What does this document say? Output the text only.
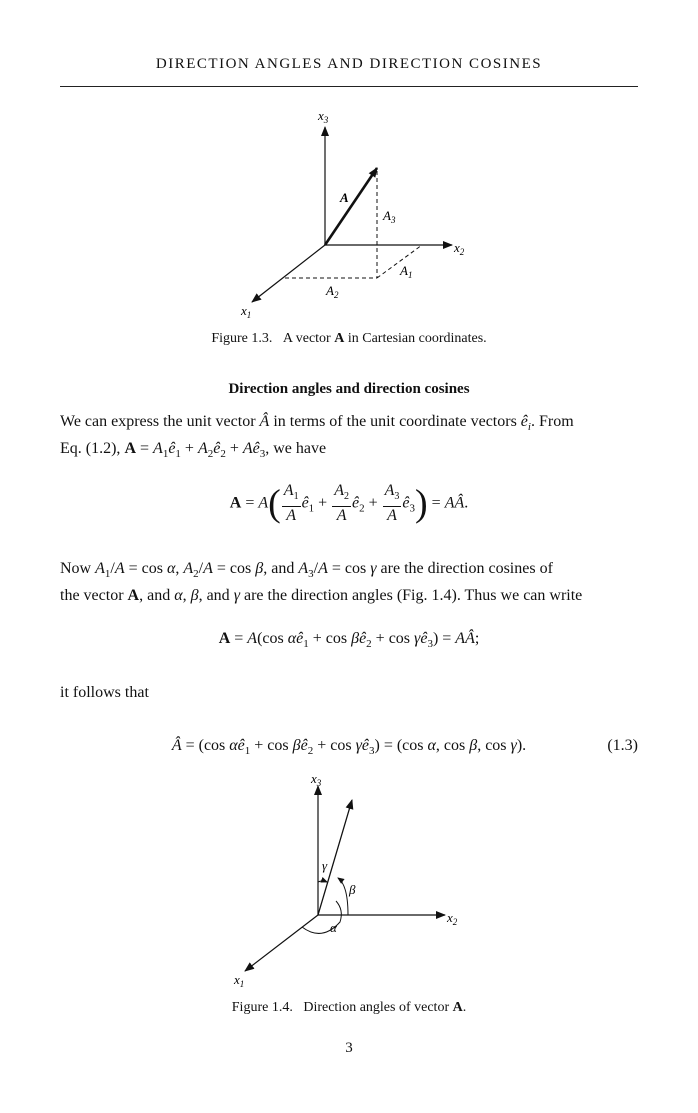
DIRECTION ANGLES AND DIRECTION COSINES
$x_3$
$x_2$
$x_1$
A
$A_3$
$A_1$
$A_2$
Figure 1.3. A vector A in Cartesian coordinates.
Direction angles and direction cosines
We can express the unit vector Â in terms of the unit coordinate vectors $ê_i$. From
Eq. (1.2), $A = A_1ê_1$ + $A_2ê_2$ + $Aê_3$, we have
$A = A( \frac{A_1}{A}$ $ê_1 + \frac{A_2}{A}$ $ê_2 + \frac{A_3}{A}$ $ê_3$) = AÂ.
Now $A_1/A = \cos \alpha$, $A_2/A = \cos \beta$, and $A_3/A = \cos \gamma$ are the direction cosines of
the vector A, and α, β, and γ are the direction angles (Fig. 1.4). Thus we can write
A = A(cos $\alpha ê_1 + \cos$ $\beta ê_2 + \cos$ $\gamma ê_3$) = AÂ;
it follows that
Â = (cos $\alpha ê_1 + \cos$ $\beta ê_2 + \cos$ $\gamma ê_3) = (\cos$ α, cos β, cos γ).	(1.3)
$x_3$
$x_2$
$x_1$
γ
β
α
Figure 1.4. Direction angles of vector A.
3
